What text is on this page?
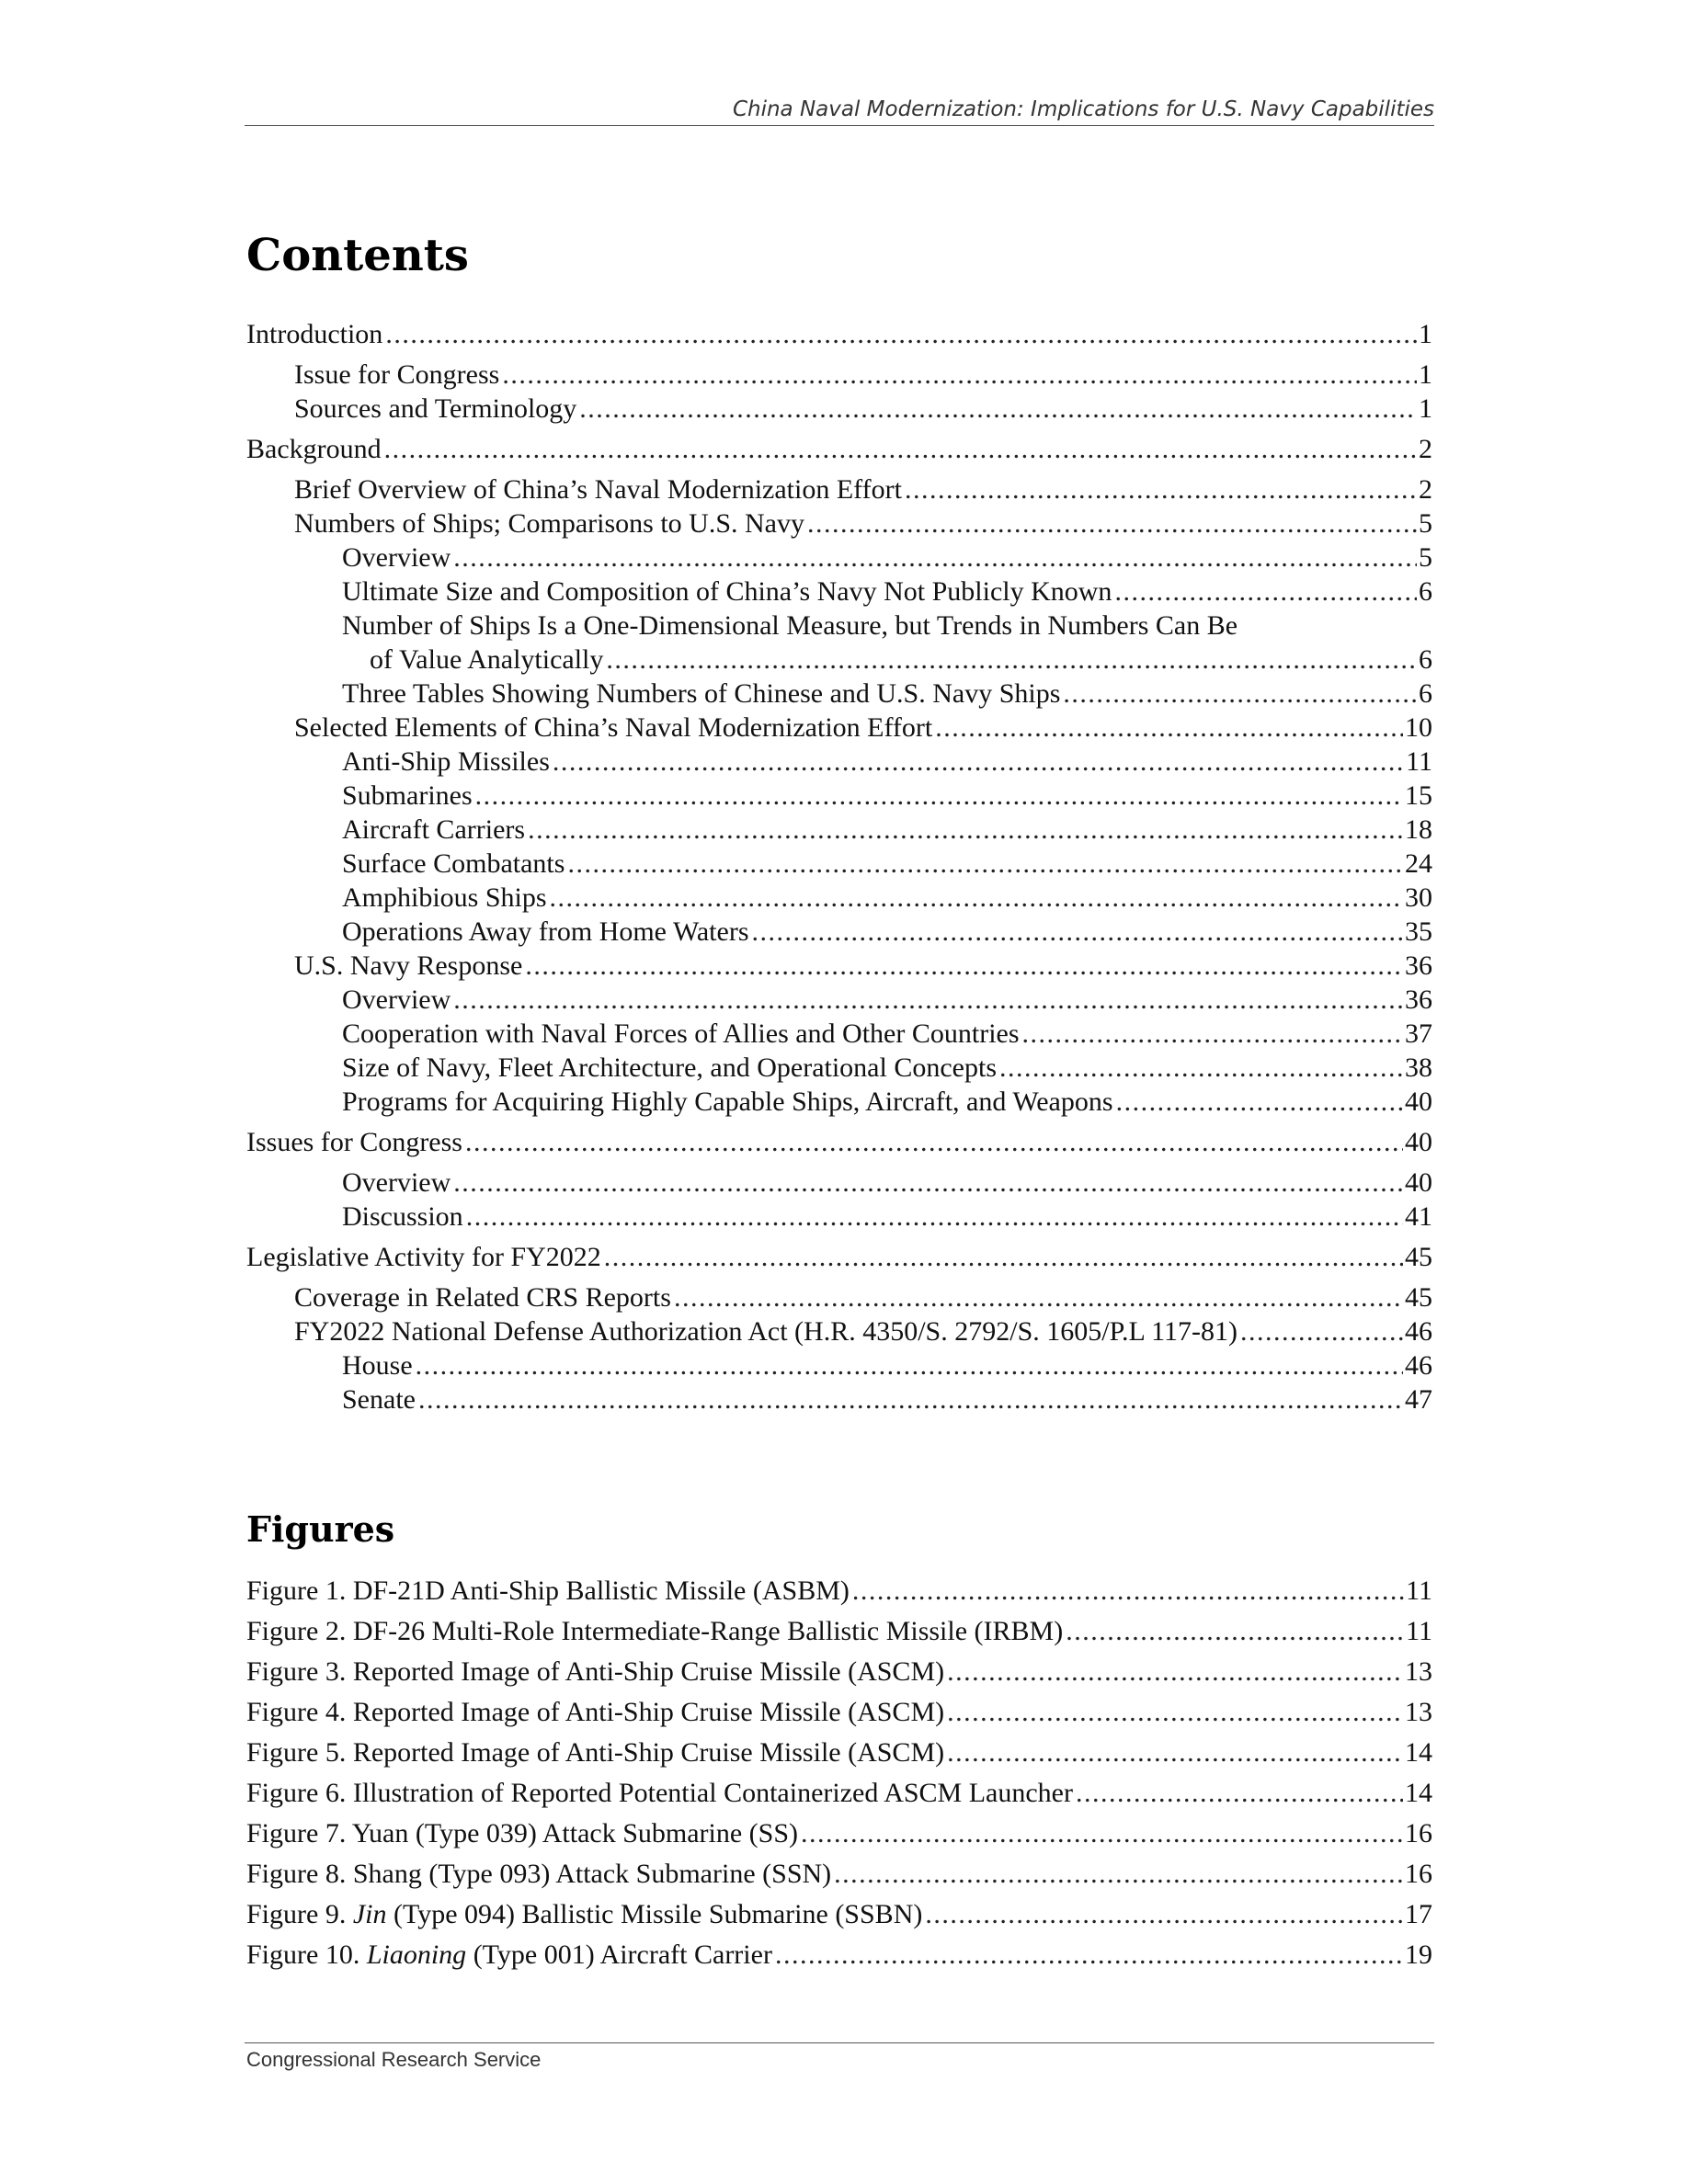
China Naval Modernization: Implications for U.S. Navy Capabilities
Contents
Introduction . . .	1
Issue for Congress . . .	1
Sources and Terminology . . .	1
Background . . .	2
Brief Overview of China’s Naval Modernization Effort . . .	2
Numbers of Ships; Comparisons to U.S. Navy . . .	5
Overview . . .	5
Ultimate Size and Composition of China’s Navy Not Publicly Known . . .	6
Number of Ships Is a One-Dimensional Measure, but Trends in Numbers Can Be
of Value Analytically . . .	6
Three Tables Showing Numbers of Chinese and U.S. Navy Ships . . .	6
Selected Elements of China’s Naval Modernization Effort . . .	10
Anti-Ship Missiles . . .	11
Submarines . . .	15
Aircraft Carriers . . .	18
Surface Combatants . . .	24
Amphibious Ships . . .	30
Operations Away from Home Waters . . .	35
U.S. Navy Response . . .	36
Overview . . .	36
Cooperation with Naval Forces of Allies and Other Countries . . .	37
Size of Navy, Fleet Architecture, and Operational Concepts . . .	38
Programs for Acquiring Highly Capable Ships, Aircraft, and Weapons . . .	40
Issues for Congress . . .	40
Overview . . .	40
Discussion . . .	41
Legislative Activity for FY2022 . . .	45
Coverage in Related CRS Reports . . .	45
FY2022 National Defense Authorization Act (H.R. 4350/S. 2792/S. 1605/P.L 117-81) . . .	46
House . . .	46
Senate . . .	47
Figures
Figure 1. DF-21D Anti-Ship Ballistic Missile (ASBM) . . .	11
Figure 2. DF-26 Multi-Role Intermediate-Range Ballistic Missile (IRBM) . . .	11
Figure 3. Reported Image of Anti-Ship Cruise Missile (ASCM) . . .	13
Figure 4. Reported Image of Anti-Ship Cruise Missile (ASCM) . . .	13
Figure 5. Reported Image of Anti-Ship Cruise Missile (ASCM) . . .	14
Figure 6. Illustration of Reported Potential Containerized ASCM Launcher . . .	14
Figure 7. Yuan (Type 039) Attack Submarine (SS) . . .	16
Figure 8. Shang (Type 093) Attack Submarine (SSN) . . .	16
Figure 9. Jin (Type 094) Ballistic Missile Submarine (SSBN) . . .	17
Figure 10. Liaoning (Type 001) Aircraft Carrier . . .	19
Congressional Research Service
